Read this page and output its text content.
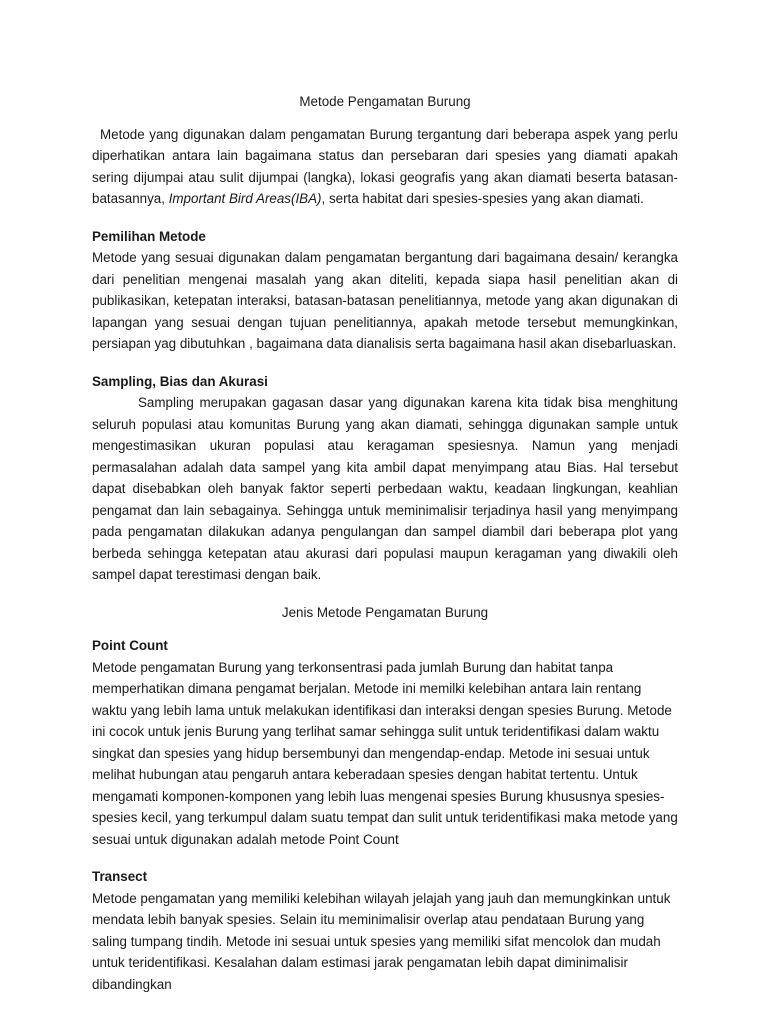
Metode Pengamatan Burung

Metode yang digunakan dalam pengamatan Burung tergantung dari beberapa aspek yang perlu diperhatikan antara lain bagaimana status dan persebaran dari spesies yang diamati apakah sering dijumpai atau sulit dijumpai (langka), lokasi geografis yang akan diamati beserta batasan-batasannya, Important Bird Areas(IBA), serta habitat dari spesies-spesies yang akan diamati.

Pemilihan Metode

Metode yang sesuai digunakan dalam pengamatan bergantung dari bagaimana desain/ kerangka dari penelitian mengenai masalah yang akan diteliti, kepada siapa hasil penelitian akan di publikasikan, ketepatan interaksi, batasan-batasan penelitiannya, metode yang akan digunakan di lapangan yang sesuai dengan tujuan penelitiannya, apakah metode tersebut memungkinkan, persiapan yag dibutuhkan , bagaimana data dianalisis serta bagaimana hasil akan disebarluaskan.

Sampling, Bias dan Akurasi

Sampling merupakan gagasan dasar yang digunakan karena kita tidak bisa menghitung seluruh populasi atau komunitas Burung yang akan diamati, sehingga digunakan sample untuk mengestimasikan ukuran populasi atau keragaman spesiesnya. Namun yang menjadi permasalahan adalah data sampel yang kita ambil dapat menyimpang atau Bias. Hal tersebut dapat disebabkan oleh banyak faktor seperti perbedaan waktu, keadaan lingkungan, keahlian pengamat dan lain sebagainya. Sehingga untuk meminimalisir terjadinya hasil yang menyimpang pada pengamatan dilakukan adanya pengulangan dan sampel diambil dari beberapa plot yang berbeda sehingga ketepatan atau akurasi dari populasi maupun keragaman yang diwakili oleh sampel dapat terestimasi dengan baik.

Jenis Metode Pengamatan Burung

Point Count

Metode pengamatan Burung yang terkonsentrasi pada jumlah Burung dan habitat tanpa memperhatikan dimana pengamat berjalan. Metode ini memilki kelebihan antara lain rentang waktu yang lebih lama untuk melakukan identifikasi dan interaksi dengan spesies Burung. Metode ini cocok untuk jenis Burung yang terlihat samar sehingga sulit untuk teridentifikasi dalam waktu singkat dan spesies yang hidup bersembunyi dan mengendap-endap. Metode ini sesuai untuk melihat hubungan atau pengaruh antara keberadaan spesies dengan habitat tertentu. Untuk mengamati komponen-komponen yang lebih luas mengenai spesies Burung khususnya spesies-spesies kecil, yang terkumpul dalam suatu tempat dan sulit untuk teridentifikasi maka metode yang sesuai untuk digunakan adalah metode Point Count

Transect

Metode pengamatan yang memiliki kelebihan wilayah jelajah yang jauh dan memungkinkan untuk mendata lebih banyak spesies. Selain itu meminimalisir overlap atau pendataan Burung yang saling tumpang tindih. Metode ini sesuai untuk spesies yang memiliki sifat mencolok dan mudah untuk teridentifikasi. Kesalahan dalam estimasi jarak pengamatan lebih dapat diminimalisir dibandingkan
